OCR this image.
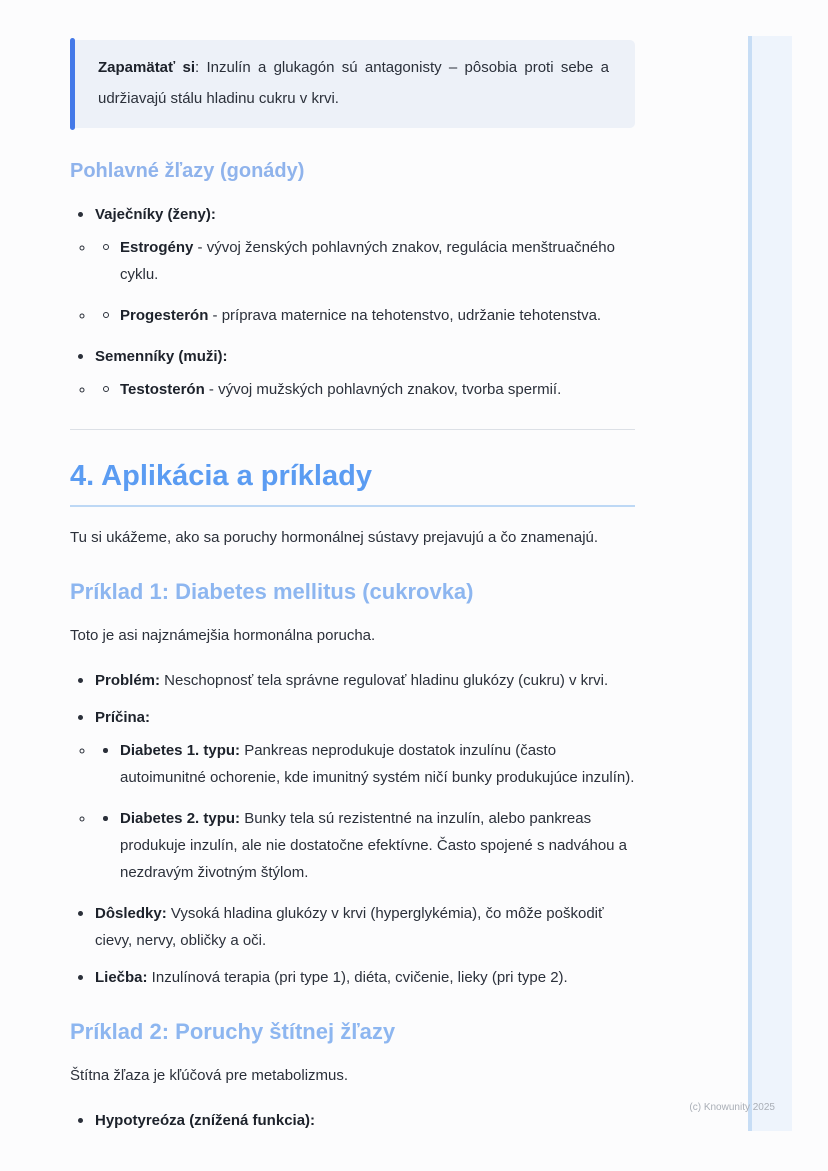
Zapamätať si: Inzulín a glukagón sú antagonisty – pôsobia proti sebe a udržiavajú stálu hladinu cukru v krvi.
Pohlavné žľazy (gonády)
Vaječníky (ženy):
◦ Estrogény - vývoj ženských pohlavných znakov, regulácia menštruačného cyklu.
◦ Progesterón - príprava maternice na tehotenstvo, udržanie tehotenstva.
Semenníky (muži):
◦ Testosterón - vývoj mužských pohlavných znakov, tvorba spermií.
4. Aplikácia a príklady

Tu si ukážeme, ako sa poruchy hormonálnej sústavy prejavujú a čo znamenajú.

Príklad 1: Diabetes mellitus (cukrovka)

Toto je asi najznámejšia hormonálna porucha.

Problém: Neschopnosť tela správne regulovať hladinu glukózy (cukru) v krvi.
Príčina:
◦ Diabetes 1. typu: Pankreas neprodukuje dostatok inzulínu (často autoimunitné ochorenie, kde imunitný systém ničí bunky produkujúce inzulín).
◦ Diabetes 2. typu: Bunky tela sú rezistentné na inzulín, alebo pankreas produkuje inzulín, ale nie dostatočne efektívne. Často spojené s nadváhou a nezdravým životným štýlom.
Dôsledky: Vysoká hladina glukózy v krvi (hyperglykémia), čo môže poškodiť cievy, nervy, obličky a oči.
Liečba: Inzulínová terapia (pri type 1), diéta, cvičenie, lieky (pri type 2).
Príklad 2: Poruchy štítnej žľazy

Štítna žľaza je kľúčová pre metabolizmus.

Hypotyreóza (znížená funkcia):
(c) Knowunity 2025
